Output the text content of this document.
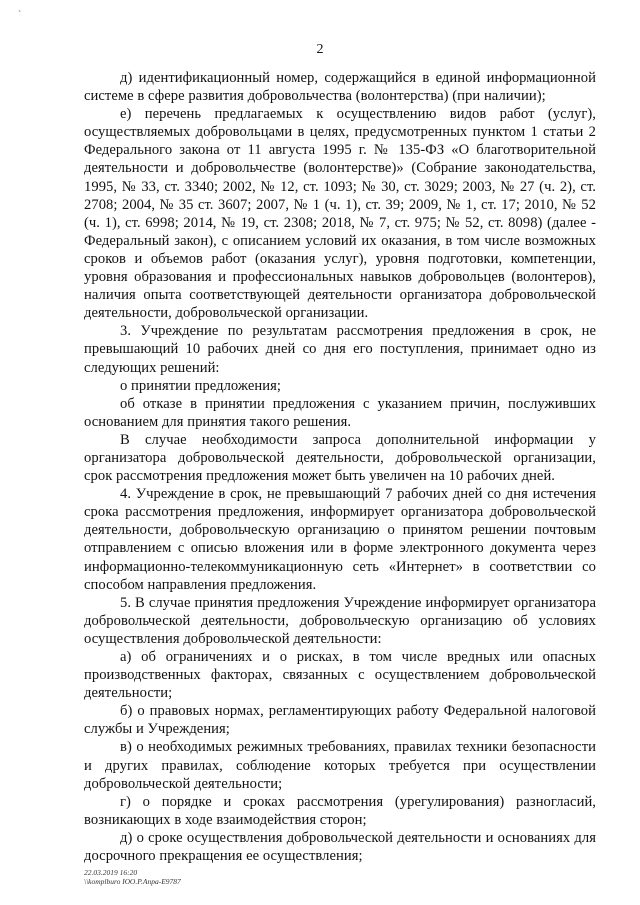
`
2

д) идентификационный номер, содержащийся в единой информационной системе в сфере развития добровольчества (волонтерства) (при наличии);

е) перечень предлагаемых к осуществлению видов работ (услуг), осуществляемых добровольцами в целях, предусмотренных пунктом 1 статьи 2 Федерального закона от 11 августа 1995 г. № 135-ФЗ «О благотворительной деятельности и добровольчестве (волонтерстве)» (Собрание законодательства, 1995, № 33, ст. 3340; 2002, № 12, ст. 1093; № 30, ст. 3029; 2003, № 27 (ч. 2), ст. 2708; 2004, № 35 ст. 3607; 2007, № 1 (ч. 1), ст. 39; 2009, № 1, ст. 17; 2010, № 52 (ч. 1), ст. 6998; 2014, № 19, ст. 2308; 2018, № 7, ст. 975; № 52, ст. 8098) (далее - Федеральный закон), с описанием условий их оказания, в том числе возможных сроков и объемов работ (оказания услуг), уровня подготовки, компетенции, уровня образования и профессиональных навыков добровольцев (волонтеров), наличия опыта соответствующей деятельности организатора добровольческой деятельности, добровольческой организации.

3. Учреждение по результатам рассмотрения предложения в срок, не превышающий 10 рабочих дней со дня его поступления, принимает одно из следующих решений:

о принятии предложения;

об отказе в принятии предложения с указанием причин, послуживших основанием для принятия такого решения.

В случае необходимости запроса дополнительной информации у организатора добровольческой деятельности, добровольческой организации, срок рассмотрения предложения может быть увеличен на 10 рабочих дней.

4. Учреждение в срок, не превышающий 7 рабочих дней со дня истечения срока рассмотрения предложения, информирует организатора добровольческой деятельности, добровольческую организацию о принятом решении почтовым отправлением с описью вложения или в форме электронного документа через информационно-телекоммуникационную сеть «Интернет» в соответствии со способом направления предложения.

5. В случае принятия предложения Учреждение информирует организатора добровольческой деятельности, добровольческую организацию об условиях осуществления добровольческой деятельности:

а) об ограничениях и о рисках, в том числе вредных или опасных производственных факторах, связанных с осуществлением добровольческой деятельности;

б) о правовых нормах, регламентирующих работу Федеральной налоговой службы и Учреждения;

в) о необходимых режимных требованиях, правилах техники безопасности и других правилах, соблюдение которых требуется при осуществлении добровольческой деятельности;

г) о порядке и сроках рассмотрения (урегулирования) разногласий, возникающих в ходе взаимодействия сторон;

д) о сроке осуществления добровольческой деятельности и основаниях для досрочного прекращения ее осуществления;

22.03.2019 16:20
\\komplburo ЮО.Р.Anpa-E9787
